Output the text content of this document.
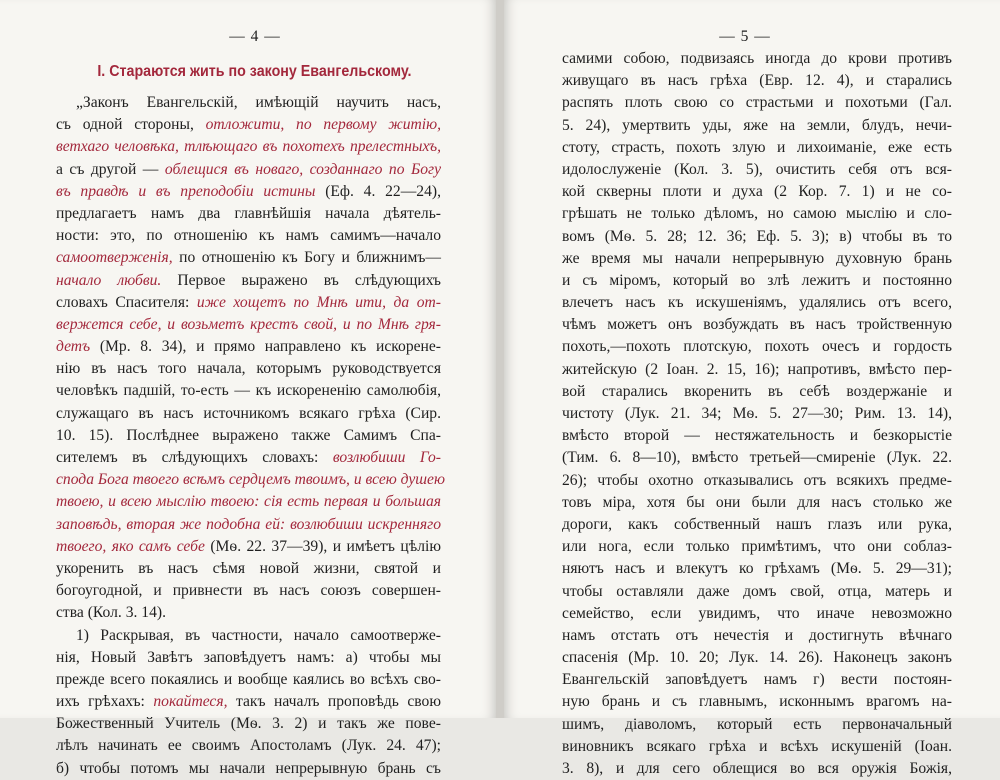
— 4 —
I. Стараются жить по закону Евангельскому.
„Законъ Евангельскій, имѣющій научить насъ,
съ одной стороны, отложити, по первому житію,
ветхаго человѣка, тлѣющаго въ похотехъ прелестныхъ,
а съ другой — облещися въ новаго, созданнаго по Богу
въ правдѣ и въ преподобіи истины (Еф. 4. 22—24),
предлагаетъ намъ два главнѣйшія начала дѣятель-
ности: это, по отношенію къ намъ самимъ—начало
самоотверженія, по отношенію къ Богу и ближнимъ—
начало любви. Первое выражено въ слѣдующихъ
словахъ Спасителя: иже хощетъ по Мнѣ ити, да от-
вержется себе, и возьметъ крестъ свой, и по Мнѣ гря-
детъ (Мр. 8. 34), и прямо направлено къ искорене-
нію въ насъ того начала, которымъ руководствуется
человѣкъ падшій, то-есть — къ искорененію самолюбія,
служащаго въ насъ источникомъ всякаго грѣха (Сир.
10. 15). Послѣднее выражено также Самимъ Спа-
сителемъ въ слѣдующихъ словахъ: возлюбиши Го-
спода Бога твоего всѣмъ сердцемъ твоимъ, и всею душею
твоею, и всею мыслію твоею: сія есть первая и большая
заповѣдь, вторая же подобна ей: возлюбиши искренняго
твоего, яко самъ себе (Мѳ. 22. 37—39), и имѣетъ цѣлію
укоренить въ насъ сѣмя новой жизни, святой и
богоугодной, и привнести въ насъ союзъ совершен-
ства (Кол. 3. 14).
1) Раскрывая, въ частности, начало самоотверже-
нія, Новый Завѣтъ заповѣдуетъ намъ: а) чтобы мы
прежде всего покаялись и вообще каялись во всѣхъ сво-
ихъ грѣхахъ: покайтеся, такъ началъ проповѣдь свою
Божественный Учитель (Мѳ. 3. 2) и такъ же повe-
лѣлъ начинать ее своимъ Апостоламъ (Лук. 24. 47);
б) чтобы потомъ мы начали непрерывную брань съ
— 5 —
самими собою, подвизаясь иногда до крови противъ
живущаго въ насъ грѣха (Евр. 12. 4), и старались
распять плоть свою со страстьми и похотьми (Гал.
5. 24), умертвить уды, яже на земли, блудъ, нечи-
стоту, страсть, похоть злую и лихоиманіе, еже есть
идолослуженіе (Кол. 3. 5), очистить себя отъ вся-
кой скверны плоти и духа (2 Кор. 7. 1) и не со-
грѣшать не только дѣломъ, но самою мыслію и сло-
вомъ (Мѳ. 5. 28; 12. 36; Еф. 5. 3); в) чтобы въ то
же время мы начали непрерывную духовную брань
и съ міромъ, который во злѣ лежитъ и постоянно
влечетъ насъ къ искушеніямъ, удалялись отъ всего,
чѣмъ можетъ онъ возбуждать въ насъ тройственную
похоть,—похоть плотскую, похоть очесъ и гордость
житейскую (2 Іоан. 2. 15, 16); напротивъ, вмѣсто пер-
вой старались вкоренить въ себѣ воздержаніе и
чистоту (Лук. 21. 34; Мѳ. 5. 27—30; Рим. 13. 14),
вмѣсто второй — нестяжательность и безкорыстіе
(Тим. 6. 8—10), вмѣсто третьей—смиреніе (Лук. 22.
26); чтобы охотно отказывались отъ всякихъ предме-
товъ міра, хотя бы они были для насъ столько же
дороги, какъ собственный нашъ глазъ или рука,
или нога, если только примѣтимъ, что они соблаз-
няютъ насъ и влекутъ ко грѣхамъ (Мѳ. 5. 29—31);
чтобы оставляли даже домъ свой, отца, матерь и
семейство, если увидимъ, что иначе невозможно
намъ отстать отъ нечестія и достигнуть вѣчнаго
спасенія (Мр. 10. 20; Лук. 14. 26). Наконецъ законъ
Евангельскій заповѣдуетъ намъ г) вести постоян-
ную брань и съ главнымъ, исконнымъ врагомъ на-
шимъ, діаволомъ, который есть первоначальный
виновникъ всякаго грѣха и всѣхъ искушеній (Іоан.
3. 8), и для сего облещися во вся оружія Божія,
